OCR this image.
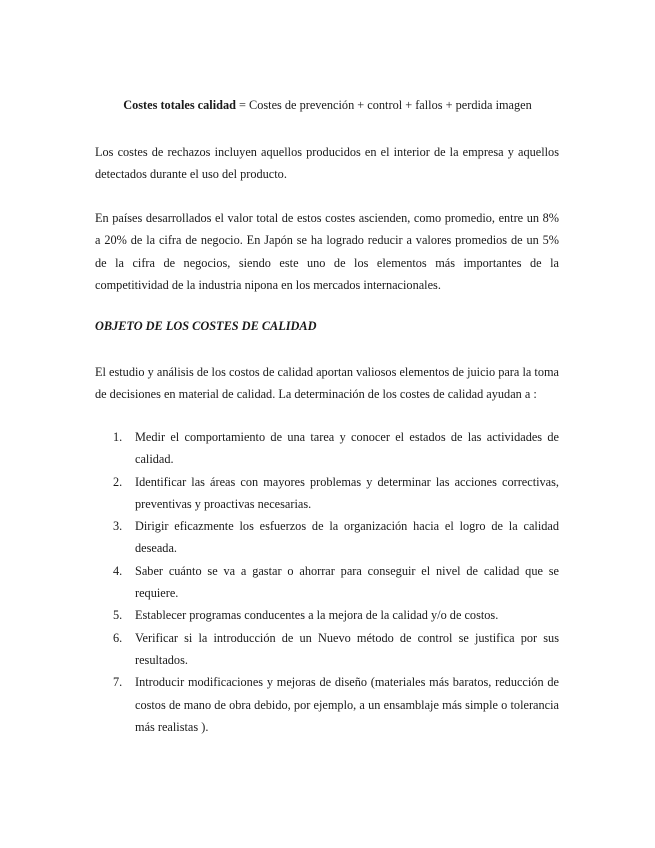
Costes totales calidad = Costes de prevención + control + fallos + perdida imagen
Los costes de rechazos incluyen aquellos producidos en el interior de la empresa y aquellos detectados durante el uso del producto.
En países desarrollados el valor total de estos costes ascienden, como promedio, entre un 8% a 20% de la cifra de negocio. En Japón se ha logrado reducir a valores promedios de un 5% de la cifra de negocios, siendo este uno de los elementos más importantes de la competitividad de la industria nipona en los mercados internacionales.
OBJETO DE LOS COSTES DE CALIDAD
El estudio y análisis de los costos de calidad aportan valiosos elementos de juicio para la toma de decisiones en material de calidad. La determinación de los costes de calidad ayudan a :
1. Medir el comportamiento de una tarea y conocer el estados de las actividades de calidad.
2. Identificar las áreas con mayores problemas y determinar las acciones correctivas, preventivas y proactivas necesarias.
3. Dirigir eficazmente los esfuerzos de la organización hacia el logro de la calidad deseada.
4. Saber cuánto se va a gastar o ahorrar para conseguir el nivel de calidad que se requiere.
5. Establecer programas conducentes a la mejora de la calidad y/o de costos.
6. Verificar si la introducción de un Nuevo método de control se justifica por sus resultados.
7. Introducir modificaciones y mejoras de diseño (materiales más baratos, reducción de costos de mano de obra debido, por ejemplo, a un ensamblaje más simple o tolerancia más realistas ).
